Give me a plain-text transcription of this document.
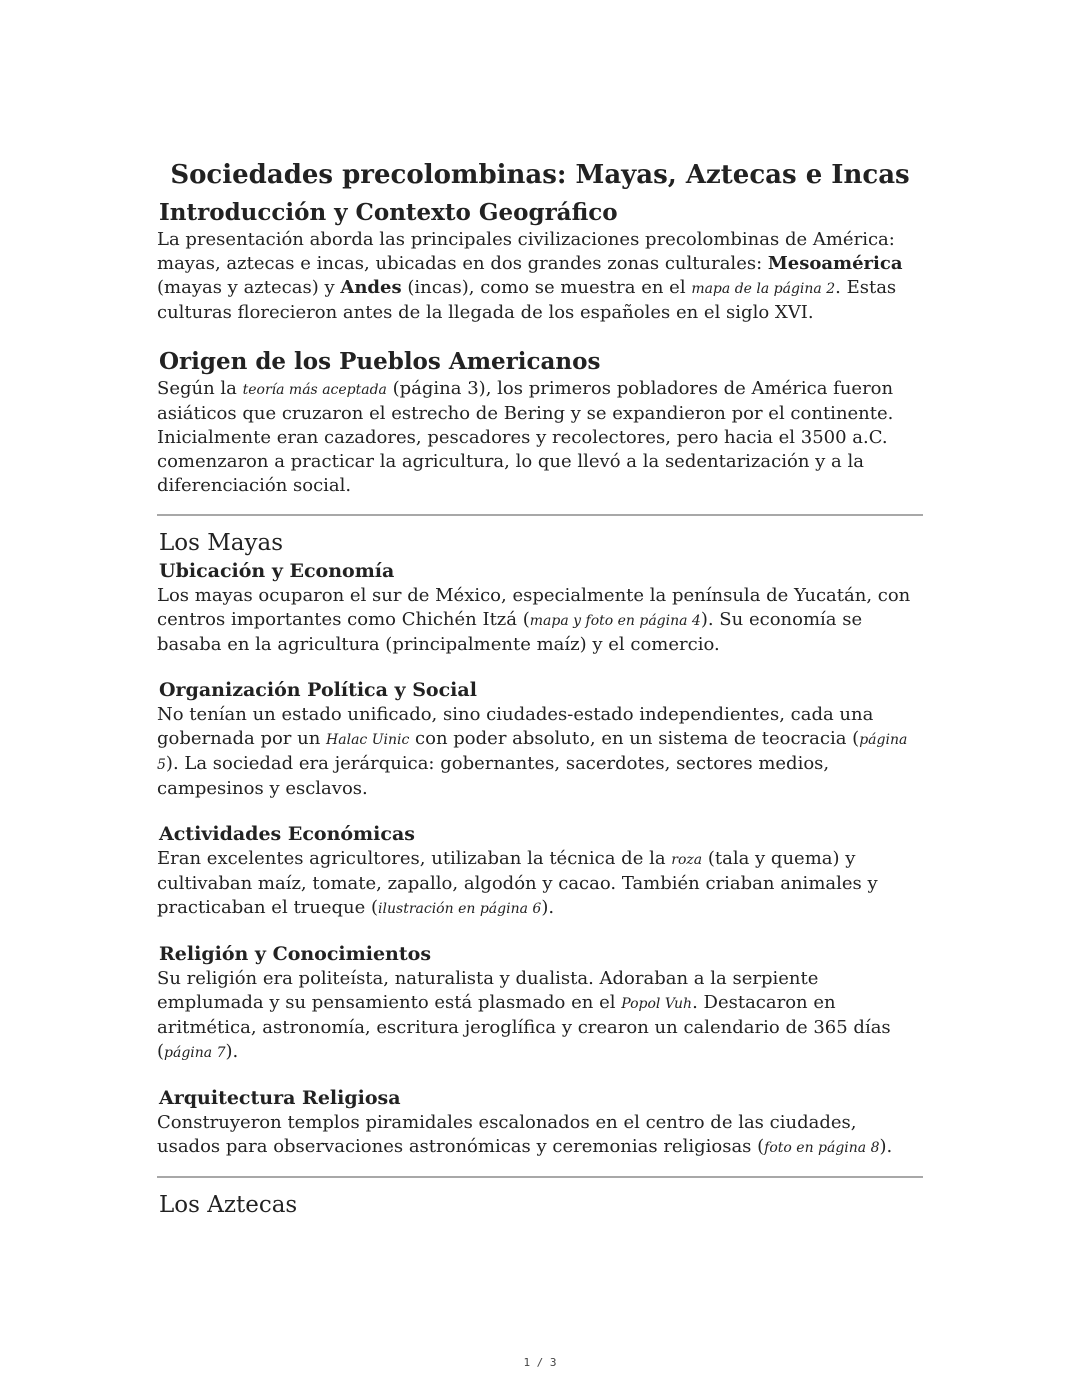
Sociedades precolombinas: Mayas, Aztecas e Incas
Introducción y Contexto Geográfico

La presentación aborda las principales civilizaciones precolombinas de América: mayas, aztecas e incas, ubicadas en dos grandes zonas culturales: Mesoamérica (mayas y aztecas) y Andes (incas), como se muestra en el mapa de la página 2. Estas culturas florecieron antes de la llegada de los españoles en el siglo XVI.

Origen de los Pueblos Americanos

Según la teoría más aceptada (página 3), los primeros pobladores de América fueron asiáticos que cruzaron el estrecho de Bering y se expandieron por el continente. Inicialmente eran cazadores, pescadores y recolectores, pero hacia el 3500 a.C. comenzaron a practicar la agricultura, lo que llevó a la sedentarización y a la diferenciación social.

Los Mayas
Ubicación y Economía

Los mayas ocuparon el sur de México, especialmente la península de Yucatán, con centros importantes como Chichén Itzá (mapa y foto en página 4). Su economía se basaba en la agricultura (principalmente maíz) y el comercio.

Organización Política y Social

No tenían un estado unificado, sino ciudades-estado independientes, cada una gobernada por un Halac Uinic con poder absoluto, en un sistema de teocracia (página 5). La sociedad era jerárquica: gobernantes, sacerdotes, sectores medios, campesinos y esclavos.

Actividades Económicas

Eran excelentes agricultores, utilizaban la técnica de la roza (tala y quema) y cultivaban maíz, tomate, zapallo, algodón y cacao. También criaban animales y practicaban el trueque (ilustración en página 6).

Religión y Conocimientos

Su religión era politeísta, naturalista y dualista. Adoraban a la serpiente emplumada y su pensamiento está plasmado en el Popol Vuh. Destacaron en aritmética, astronomía, escritura jeroglífica y crearon un calendario de 365 días (página 7).

Arquitectura Religiosa

Construyeron templos piramidales escalonados en el centro de las ciudades, usados para observaciones astronómicas y ceremonias religiosas (foto en página 8).

Los Aztecas
1 / 3
